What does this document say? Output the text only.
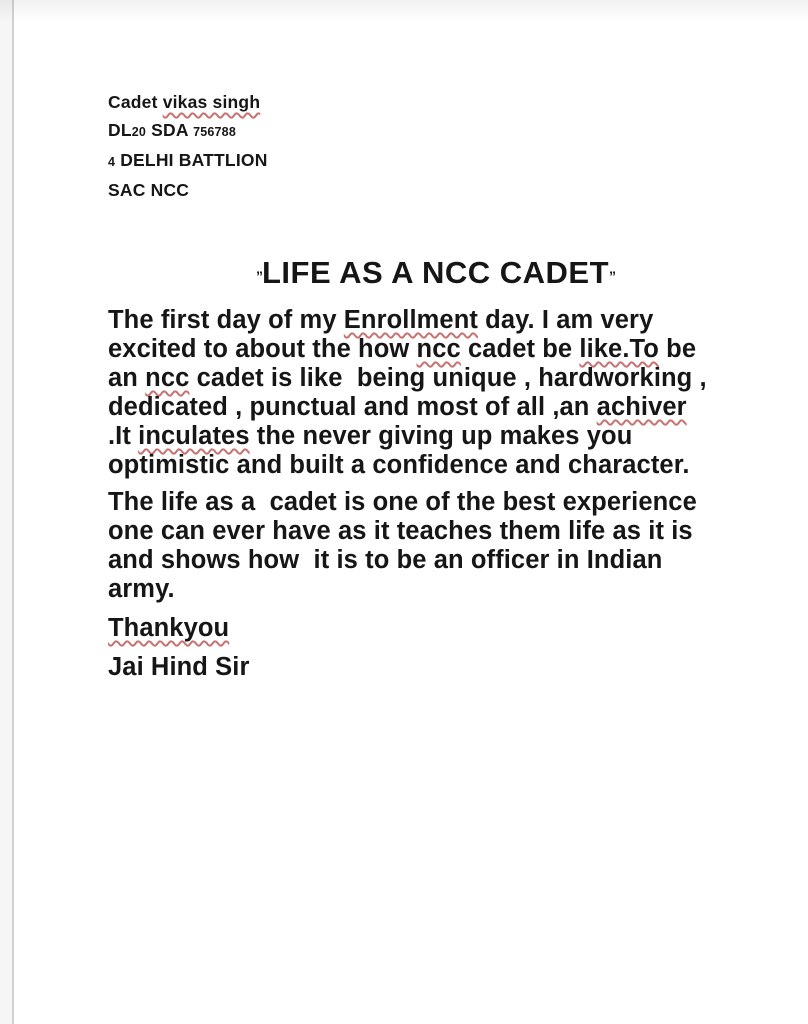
Cadet vikas singh
DL20 SDA 756788
4 DELHI BATTLION
SAC NCC
”LIFE AS A NCC CADET”
The first day of my Enrollment day. I am very
excited to about the how ncc cadet be like.To be
an ncc cadet is like  being unique , hardworking ,
dedicated , punctual and most of all ,an achiver
.It inculates the never giving up makes you
optimistic and built a confidence and character.
The life as a  cadet is one of the best experience
one can ever have as it teaches them life as it is
and shows how  it is to be an officer in Indian
army.
Thankyou
Jai Hind Sir
